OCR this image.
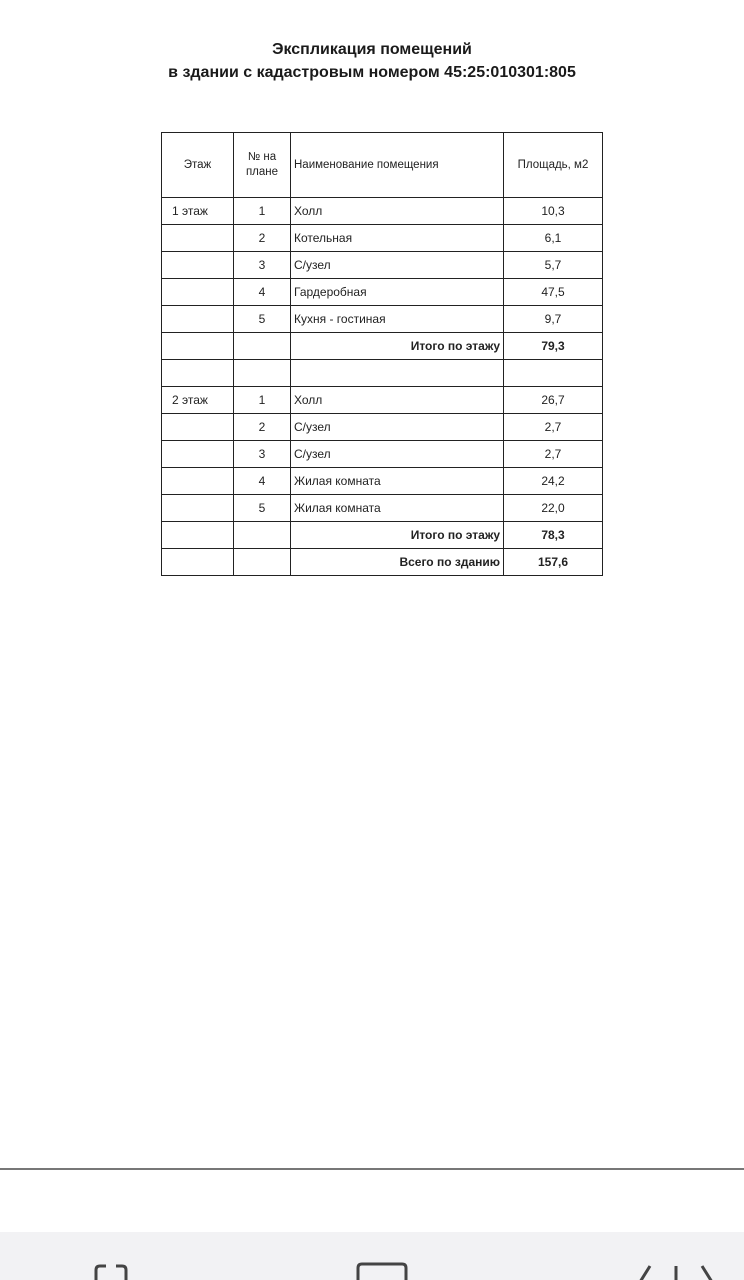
Экспликация помещений
в здании с кадастровым номером 45:25:010301:805
Этаж	№ на плане	Наименование помещения	Площадь, м2
1 этаж	1	Холл	10,3
	2	Котельная	6,1
	3	С/узел	5,7
	4	Гардеробная	47,5
	5	Кухня - гостиная	9,7
		Итого по этажу	79,3

2 этаж	1	Холл	26,7
	2	С/узел	2,7
	3	С/узел	2,7
	4	Жилая комната	24,2
	5	Жилая комната	22,0
		Итого по этажу	78,3
		Всего по зданию	157,6
